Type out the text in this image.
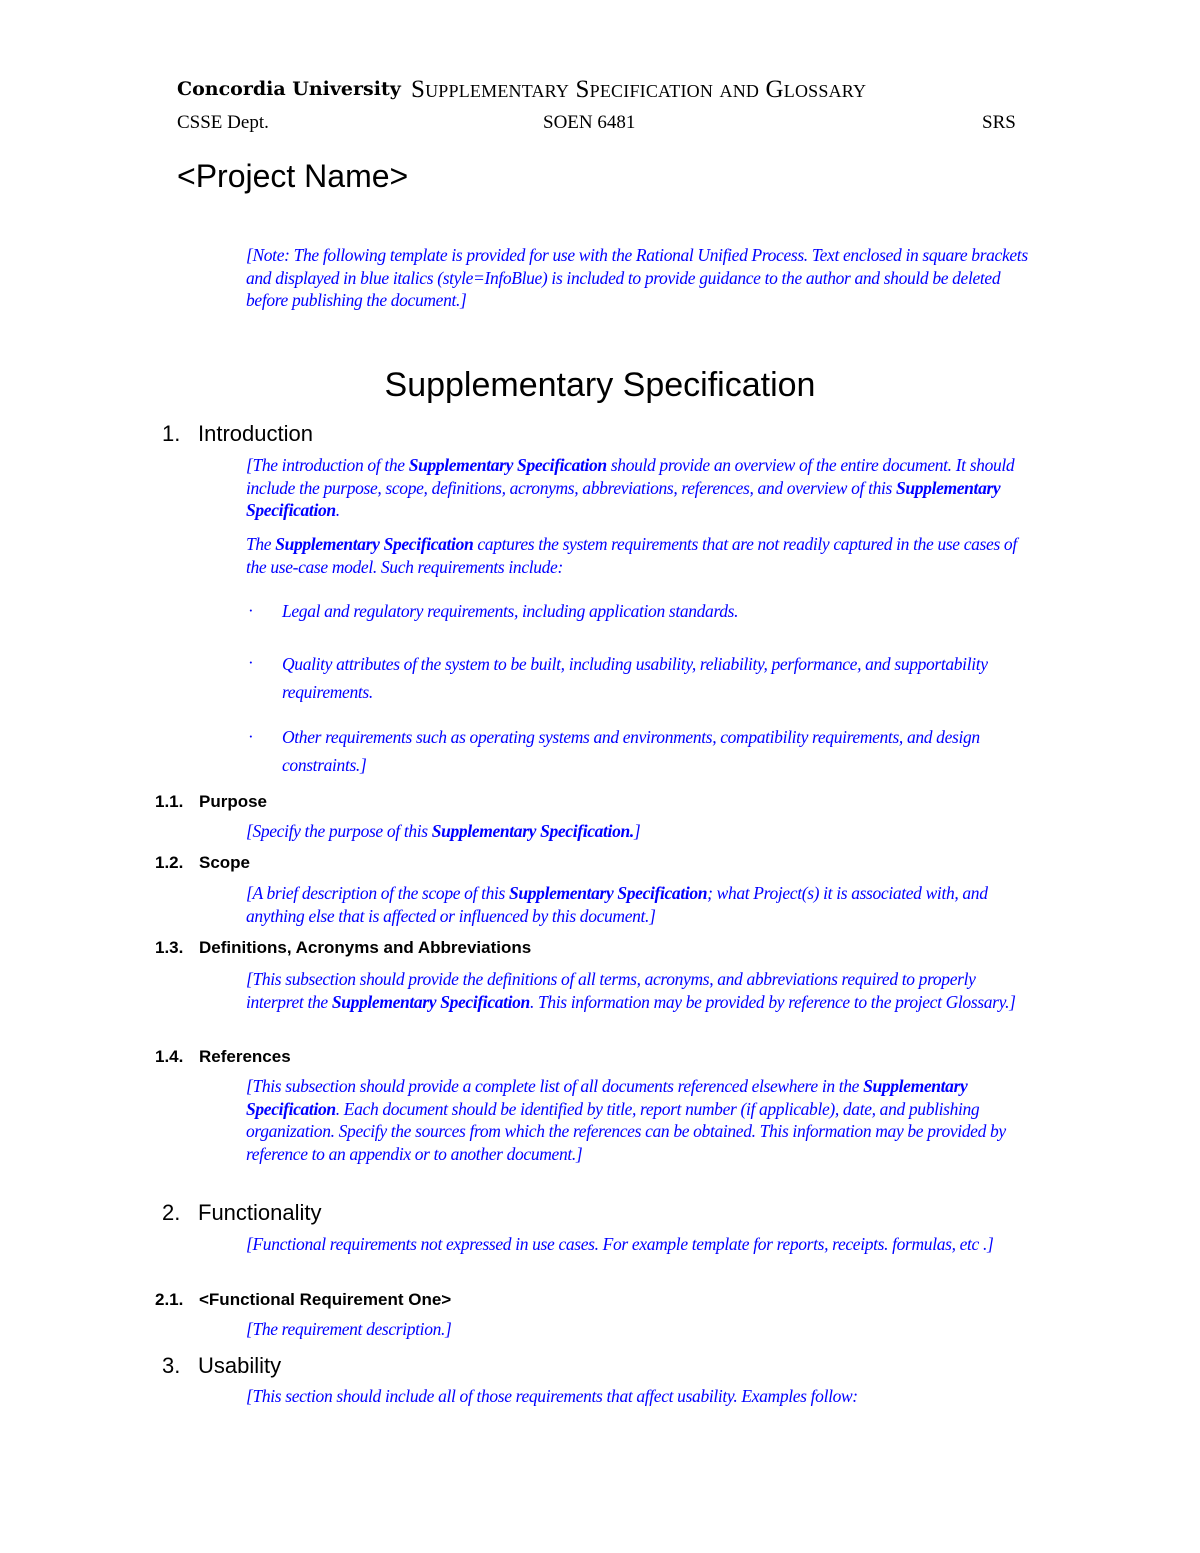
Concordia University Supplementary Specification and Glossary
CSSE Dept.	SOEN 6481	SRS
<Project Name>
[Note: The following template is provided for use with the Rational Unified Process. Text enclosed in square brackets and displayed in blue italics (style=InfoBlue) is included to provide guidance to the author and should be deleted before publishing the document.]
Supplementary Specification
1. Introduction
[The introduction of the Supplementary Specification should provide an overview of the entire document. It should include the purpose, scope, definitions, acronyms, abbreviations, references, and overview of this Supplementary Specification.
The Supplementary Specification captures the system requirements that are not readily captured in the use cases of the use-case model. Such requirements include:
· Legal and regulatory requirements, including application standards.
· Quality attributes of the system to be built, including usability, reliability, performance, and supportability requirements.
· Other requirements such as operating systems and environments, compatibility requirements, and design constraints.]
1.1. Purpose
[Specify the purpose of this Supplementary Specification.]
1.2. Scope
[A brief description of the scope of this Supplementary Specification; what Project(s) it is associated with, and anything else that is affected or influenced by this document.]
1.3. Definitions, Acronyms and Abbreviations
[This subsection should provide the definitions of all terms, acronyms, and abbreviations required to properly interpret the Supplementary Specification. This information may be provided by reference to the project Glossary.]
1.4. References
[This subsection should provide a complete list of all documents referenced elsewhere in the Supplementary Specification. Each document should be identified by title, report number (if applicable), date, and publishing organization. Specify the sources from which the references can be obtained. This information may be provided by reference to an appendix or to another document.]
2. Functionality
[Functional requirements not expressed in use cases. For example template for reports, receipts. formulas, etc .]
2.1. <Functional Requirement One>
[The requirement description.]
3. Usability
[This section should include all of those requirements that affect usability. Examples follow:
